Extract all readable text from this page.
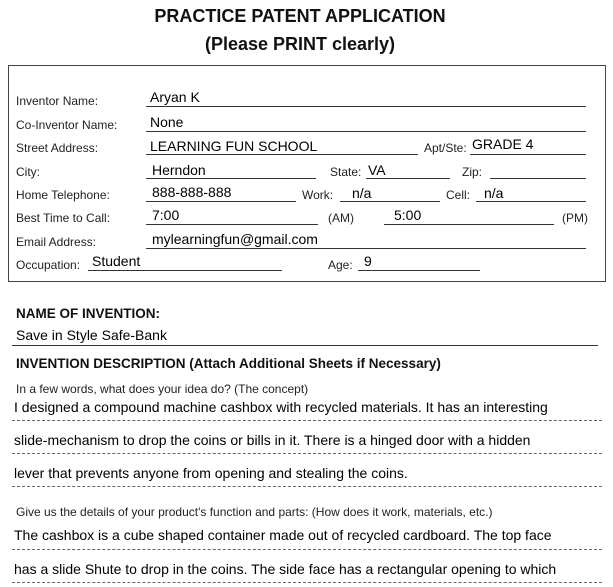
PRACTICE PATENT APPLICATION
(Please PRINT clearly)
Inventor Name:	Aryan K
Co-Inventor Name: None
Street Address:	LEARNING FUN SCHOOL	Apt/Ste: GRADE 4
City:	Herndon	State: VA	Zip:
Home Telephone:	888-888-888	Work: n/a	Cell: n/a
Best Time to Call:	7:00	(AM)	5:00	(PM)
Email Address:	mylearningfun@gmail.com
Occupation: Student	Age: 9
NAME OF INVENTION:
Save in Style Safe-Bank
INVENTION DESCRIPTION (Attach Additional Sheets if Necessary)
In a few words, what does your idea do? (The concept)
I designed a compound machine cashbox with recycled materials. It has an interesting
slide-mechanism to drop the coins or bills in it. There is a hinged door with a hidden
lever that prevents anyone from opening and stealing the coins.
Give us the details of your product's function and parts: (How does it work, materials, etc.)
The cashbox is a cube shaped container made out of recycled cardboard. The top face
has a slide Shute to drop in the coins. The side face has a rectangular opening to which
